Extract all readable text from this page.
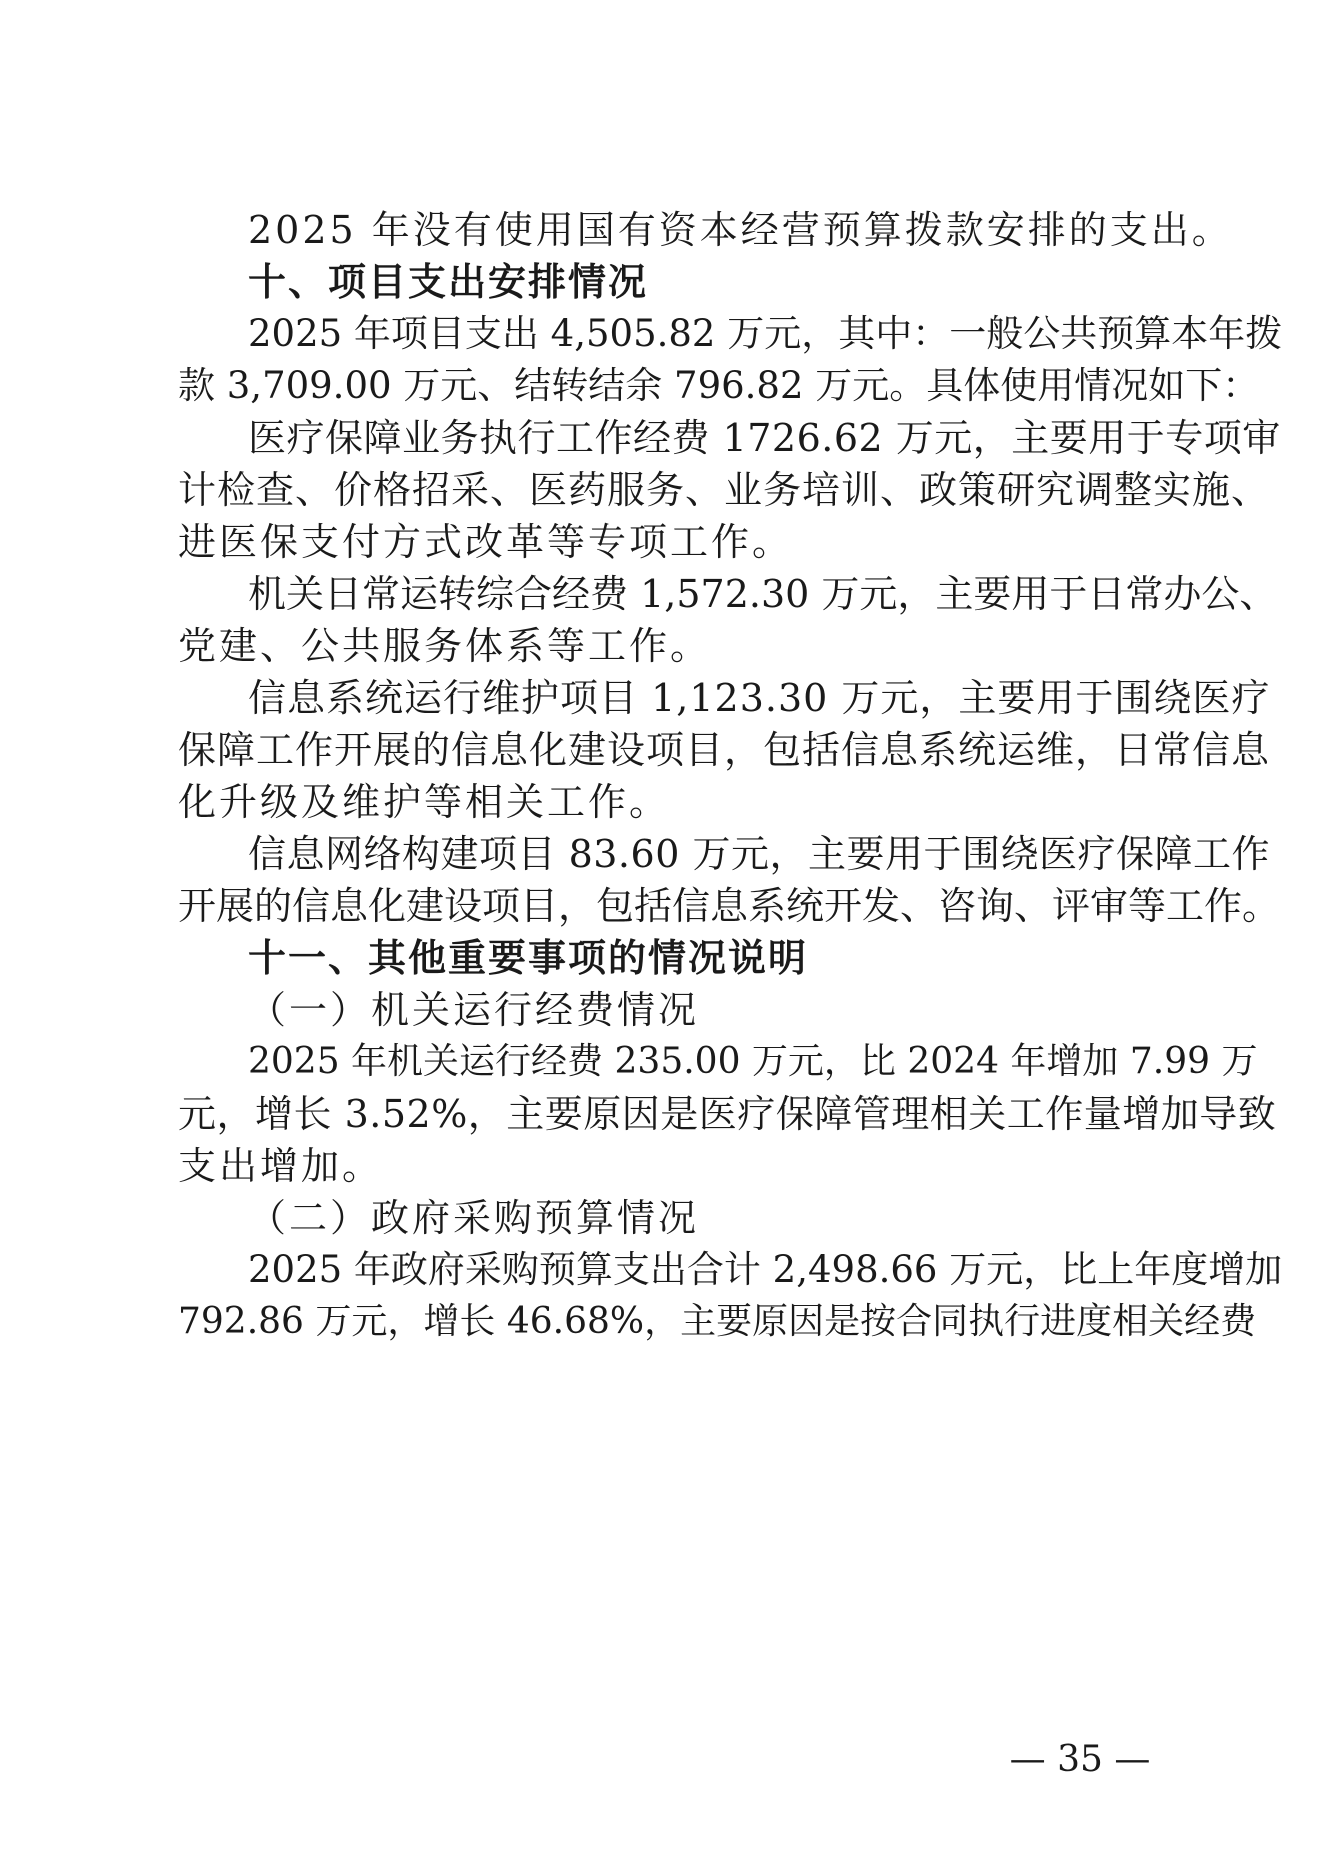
2025 年没有使用国有资本经营预算拨款安排的支出。
十、项目支出安排情况
2025 年项目支出 4,505.82 万元，其中：一般公共预算本年拨
款 3,709.00 万元、结转结余 796.82 万元。具体使用情况如下：
医疗保障业务执行工作经费 1726.62 万元，主要用于专项审
计检查、价格招采、医药服务、业务培训、政策研究调整实施、
进医保支付方式改革等专项工作。
机关日常运转综合经费 1,572.30 万元，主要用于日常办公、
党建、公共服务体系等工作。
信息系统运行维护项目 1,123.30 万元，主要用于围绕医疗
保障工作开展的信息化建设项目，包括信息系统运维，日常信息
化升级及维护等相关工作。
信息网络构建项目 83.60 万元，主要用于围绕医疗保障工作
开展的信息化建设项目，包括信息系统开发、咨询、评审等工作。
十一、其他重要事项的情况说明
（一）机关运行经费情况
2025 年机关运行经费 235.00 万元，比 2024 年增加 7.99 万
元，增长 3.52%，主要原因是医疗保障管理相关工作量增加导致
支出增加。
（二）政府采购预算情况
2025 年政府采购预算支出合计 2,498.66 万元，比上年度增加
792.86 万元，增长 46.68%，主要原因是按合同执行进度相关经费
— 35 —
